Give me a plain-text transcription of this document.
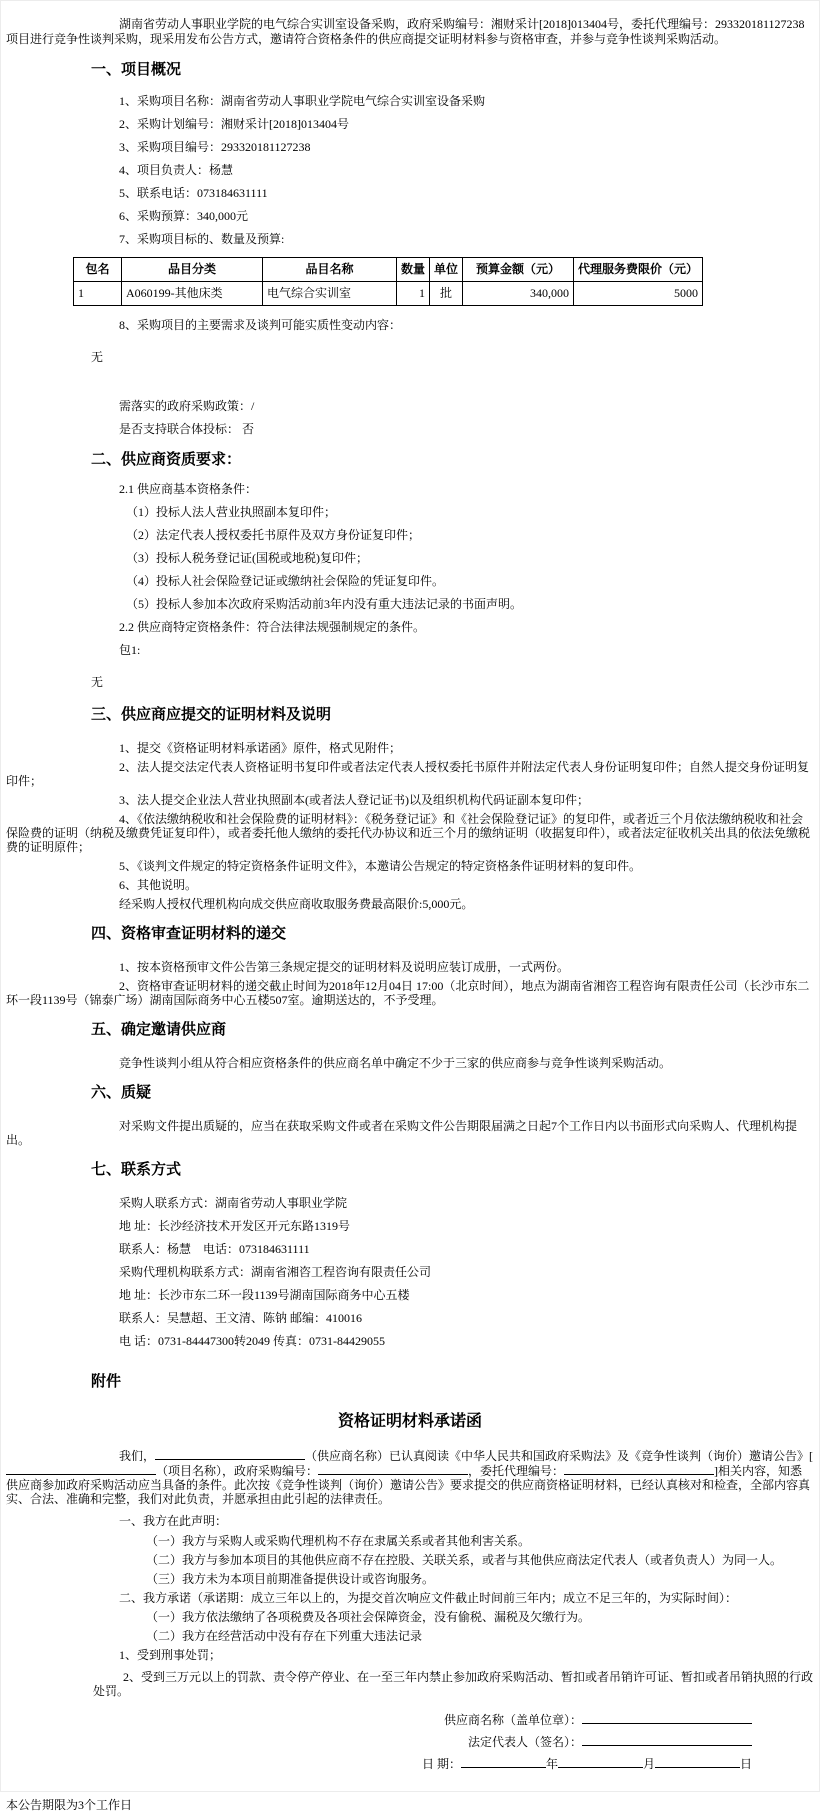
湖南省劳动人事职业学院的电气综合实训室设备采购，政府采购编号：湘财采计[2018]013404号，委托代理编号：293320181127238项目进行竞争性谈判采购，现采用发布公告方式，邀请符合资格条件的供应商提交证明材料参与资格审查，并参与竞争性谈判采购活动。

一、项目概况

1、采购项目名称：湖南省劳动人事职业学院电气综合实训室设备采购

2、采购计划编号：湘财采计[2018]013404号

3、采购项目编号：293320181127238

4、项目负责人：杨慧

5、联系电话：073184631111

6、采购预算：340,000元

7、采购项目标的、数量及预算:

包名	品目分类	品目名称	数量	单位	预算金额（元）	代理服务费限价（元）
1	A060199-其他床类	电气综合实训室	1	批	340,000	5000

8、采购项目的主要需求及谈判可能实质性变动内容：

无

需落实的政府采购政策：/

是否支持联合体投标： 否

二、供应商资质要求：

2.1 供应商基本资格条件：

（1）投标人法人营业执照副本复印件；

（2）法定代表人授权委托书原件及双方身份证复印件；

（3）投标人税务登记证(国税或地税)复印件；

（4）投标人社会保险登记证或缴纳社会保险的凭证复印件。

（5）投标人参加本次政府采购活动前3年内没有重大违法记录的书面声明。

2.2 供应商特定资格条件：符合法律法规强制规定的条件。

包1:

无

三、供应商应提交的证明材料及说明

1、提交《资格证明材料承诺函》原件，格式见附件；

2、法人提交法定代表人资格证明书复印件或者法定代表人授权委托书原件并附法定代表人身份证明复印件；自然人提交身份证明复印件；

3、法人提交企业法人营业执照副本(或者法人登记证书)以及组织机构代码证副本复印件；

4、《依法缴纳税收和社会保险费的证明材料》：《税务登记证》和《社会保险登记证》的复印件，或者近三个月依法缴纳税收和社会保险费的证明（纳税及缴费凭证复印件），或者委托他人缴纳的委托代办协议和近三个月的缴纳证明（收据复印件），或者法定征收机关出具的依法免缴税费的证明原件；

5、《谈判文件规定的特定资格条件证明文件》，本邀请公告规定的特定资格条件证明材料的复印件。

6、其他说明。

经采购人授权代理机构向成交供应商收取服务费最高限价:5,000元。

四、资格审查证明材料的递交

1、按本资格预审文件公告第三条规定提交的证明材料及说明应装订成册，一式两份。

2、资格审查证明材料的递交截止时间为2018年12月04日 17:00（北京时间），地点为湖南省湘咨工程咨询有限责任公司（长沙市东二环一段1139号（锦泰广场）湖南国际商务中心五楼507室。逾期送达的，不予受理。

五、确定邀请供应商

竞争性谈判小组从符合相应资格条件的供应商名单中确定不少于三家的供应商参与竞争性谈判采购活动。

六、质疑

对采购文件提出质疑的，应当在获取采购文件或者在采购文件公告期限届满之日起7个工作日内以书面形式向采购人、代理机构提出。

七、联系方式

采购人联系方式：湖南省劳动人事职业学院

地 址：长沙经济技术开发区开元东路1319号

联系人：杨慧　电话：073184631111

采购代理机构联系方式：湖南省湘咨工程咨询有限责任公司

地 址：长沙市东二环一段1139号湖南国际商务中心五楼

联系人：吴慧超、王文清、陈钠 邮编：410016

电 话：0731-84447300转2049 传真：0731-84429055

附件
资格证明材料承诺函

我们，	（供应商名称）已认真阅读《中华人民共和国政府采购法》及《竞争性谈判（询价）邀请公告》[（项目名称），政府采购编号：	，委托代理编号：	]相关内容，知悉供应商参加政府采购活动应当具备的条件。此次按《竞争性谈判（询价）邀请公告》要求提交的供应商资格证明材料，已经认真核对和检查，全部内容真实、合法、准确和完整，我们对此负责，并愿承担由此引起的法律责任。

一、我方在此声明：

（一）我方与采购人或采购代理机构不存在隶属关系或者其他利害关系。

（二）我方与参加本项目的其他供应商不存在控股、关联关系，或者与其他供应商法定代表人（或者负责人）为同一人。

（三）我方未为本项目前期准备提供设计或咨询服务。

二、我方承诺（承诺期：成立三年以上的，为提交首次响应文件截止时间前三年内；成立不足三年的，为实际时间）：

（一）我方依法缴纳了各项税费及各项社会保障资金，没有偷税、漏税及欠缴行为。

（二）我方在经营活动中没有存在下列重大违法记录

1、受到刑事处罚；

2、受到三万元以上的罚款、责令停产停业、在一至三年内禁止参加政府采购活动、暂扣或者吊销许可证、暂扣或者吊销执照的行政处罚。

供应商名称（盖单位章）：
法定代表人（签名）：
日 期：	年	月	日

本公告期限为3个工作日
